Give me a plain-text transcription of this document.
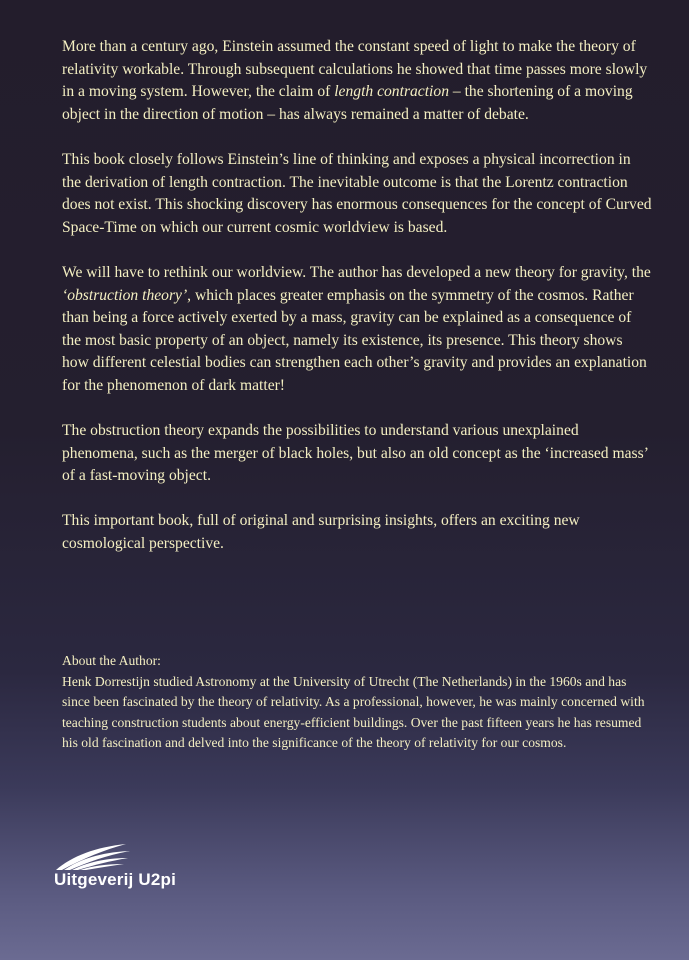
More than a century ago, Einstein assumed the constant speed of light to make the theory of relativity workable. Through subsequent calculations he showed that time passes more slowly in a moving system. However, the claim of length contraction – the shortening of a moving object in the direction of motion – has always remained a matter of debate.

This book closely follows Einstein’s line of thinking and exposes a physical incorrection in the derivation of length contraction. The inevitable outcome is that the Lorentz contraction does not exist. This shocking discovery has enormous consequences for the concept of Curved Space-Time on which our current cosmic worldview is based.

We will have to rethink our worldview. The author has developed a new theory for gravity, the ‘obstruction theory’, which places greater emphasis on the symmetry of the cosmos. Rather than being a force actively exerted by a mass, gravity can be explained as a consequence of the most basic property of an object, namely its existence, its presence. This theory shows how different celestial bodies can strengthen each other’s gravity and provides an explanation for the phenomenon of dark matter!

The obstruction theory expands the possibilities to understand various unexplained phenomena, such as the merger of black holes, but also an old concept as the ‘increased mass’ of a fast-moving object.

This important book, full of original and surprising insights, offers an exciting new cosmological perspective.

About the Author:

Henk Dorrestijn studied Astronomy at the University of Utrecht (The Netherlands) in the 1960s and has since been fascinated by the theory of relativity. As a professional, however, he was mainly concerned with teaching construction students about energy-efficient buildings. Over the past fifteen years he has resumed his old fascination and delved into the significance of the theory of relativity for our cosmos.

Uitgeverij U2pi
